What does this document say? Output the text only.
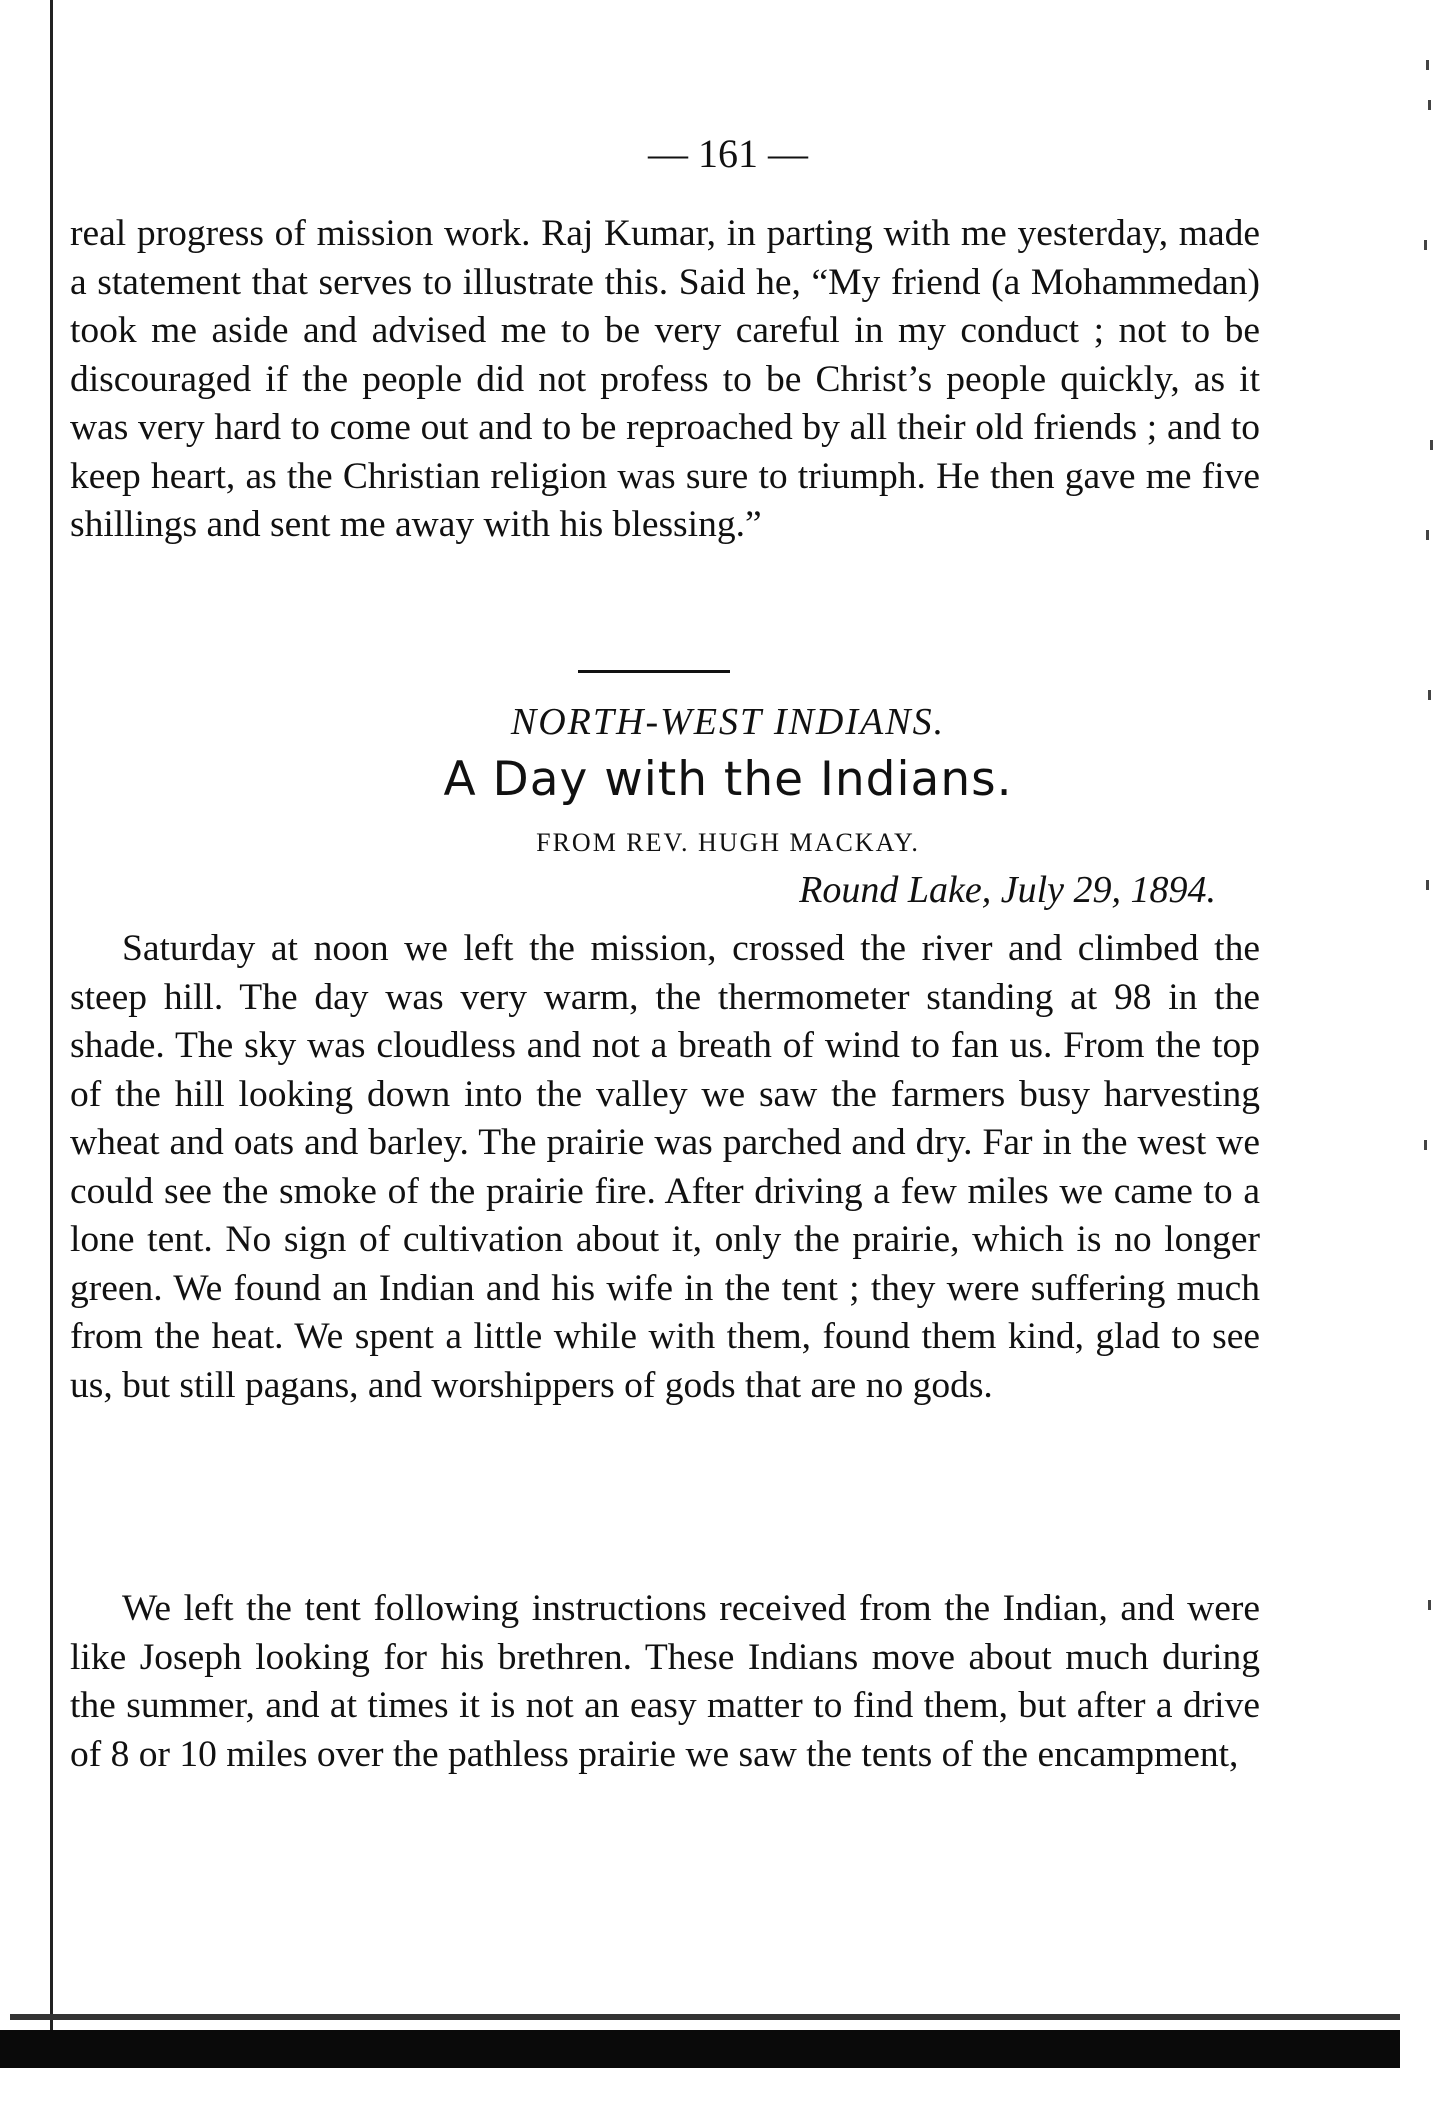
— 161 —

real progress of mission work. Raj Kumar, in parting with me yesterday, made a statement that serves to illustrate this. Said he, “My friend (a Mohammedan) took me aside and advised me to be very careful in my conduct ; not to be discouraged if the people did not profess to be Christ’s people quickly, as it was very hard to come out and to be reproached by all their old friends ; and to keep heart, as the Christian religion was sure to triumph. He then gave me five shillings and sent me away with his blessing.”

NORTH-WEST INDIANS.
A Day with the Indians.
FROM REV. HUGH MACKAY.
Round Lake, July 29, 1894.

Saturday at noon we left the mission, crossed the river and climbed the steep hill. The day was very warm, the thermometer standing at 98 in the shade. The sky was cloudless and not a breath of wind to fan us. From the top of the hill looking down into the valley we saw the farmers busy harvesting wheat and oats and barley. The prairie was parched and dry. Far in the west we could see the smoke of the prairie fire. After driving a few miles we came to a lone tent. No sign of cultivation about it, only the prairie, which is no longer green. We found an Indian and his wife in the tent ; they were suffering much from the heat. We spent a little while with them, found them kind, glad to see us, but still pagans, and worshippers of gods that are no gods.

We left the tent following instructions received from the Indian, and were like Joseph looking for his brethren. These Indians move about much during the summer, and at times it is not an easy matter to find them, but after a drive of 8 or 10 miles over the pathless prairie we saw the tents of the encampment,
